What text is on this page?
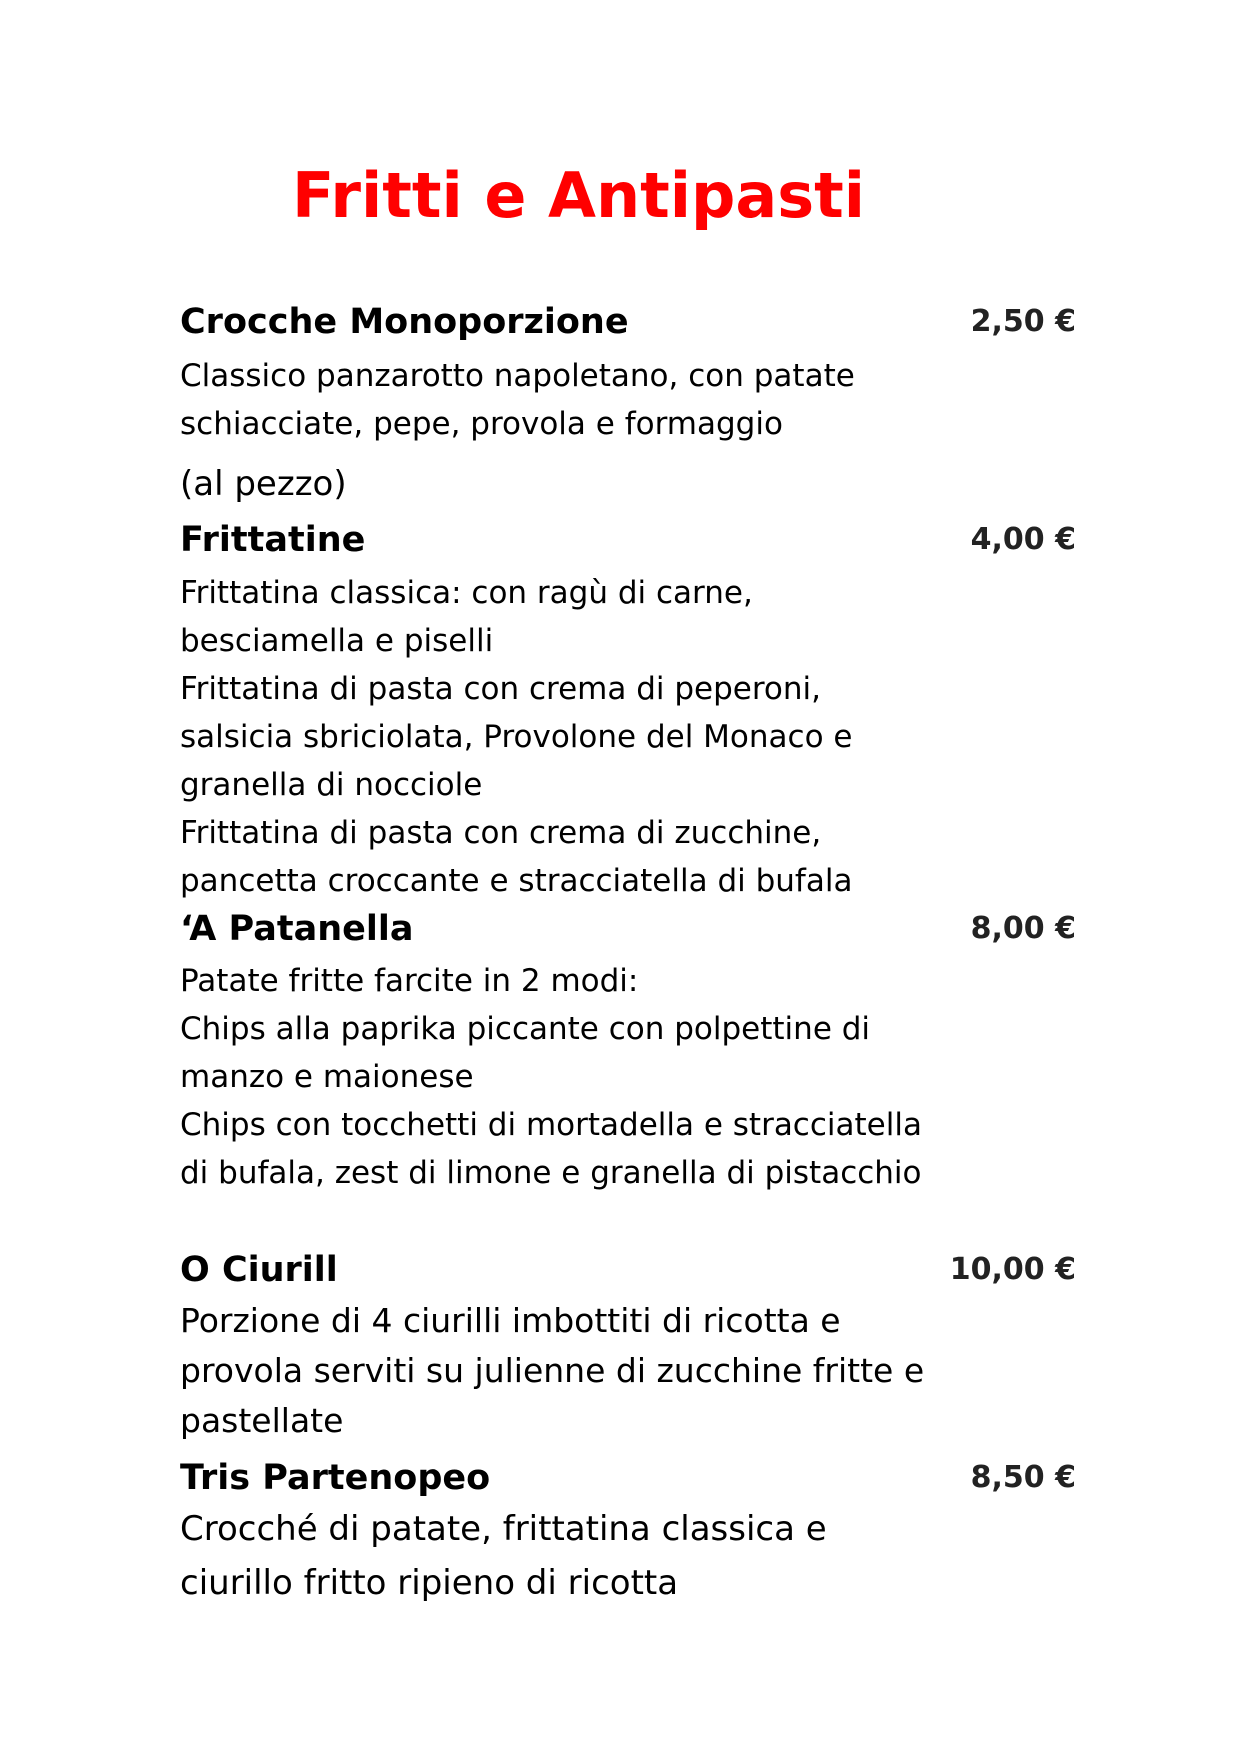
Fritti e Antipasti
Crocche Monoporzione	2,50 €
Classico panzarotto napoletano, con patate
schiacciate, pepe, provola e formaggio
(al pezzo)
Frittatine	4,00 €
Frittatina classica: con ragù di carne,
besciamella e piselli
Frittatina di pasta con crema di peperoni,
salsicia sbriciolata, Provolone del Monaco e
granella di nocciole
Frittatina di pasta con crema di zucchine,
pancetta croccante e stracciatella di bufala
‘A Patanella	8,00 €
Patate fritte farcite in 2 modi:
Chips alla paprika piccante con polpettine di
manzo e maionese
Chips con tocchetti di mortadella e stracciatella
di bufala, zest di limone e granella di pistacchio
O Ciurill	10,00 €
Porzione di 4 ciurilli imbottiti di ricotta e
provola serviti su julienne di zucchine fritte e
pastellate
Tris Partenopeo	8,50 €
Crocché di patate, frittatina classica e
ciurillo fritto ripieno di ricotta
